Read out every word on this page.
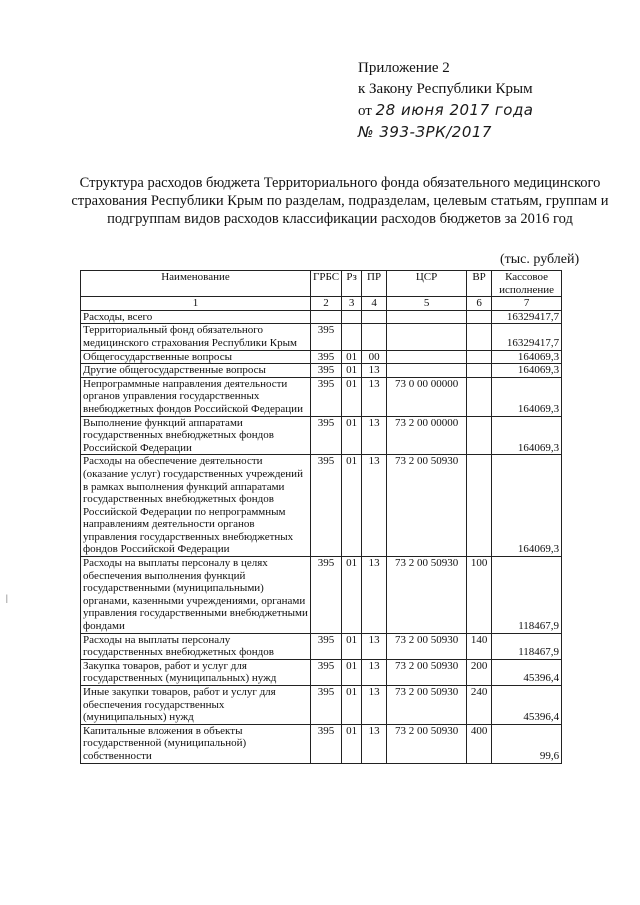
Приложение 2
к Закону Республики Крым
от 28 июня 2017 года
№ 393-ЗРК/2017
Структура расходов бюджета Территориального фонда обязательного медицинского страхования Республики Крым по разделам, подразделам, целевым статьям, группам и подгруппам видов расходов классификации расходов бюджетов за 2016 год
(тыс. рублей)
Наименование	ГРБС	Рз	ПР	ЦСР	ВР	Кассовое исполнение
1	2	3	4	5	6	7
Расходы, всего						16329417,7
Территориальный фонд обязательного медицинского страхования Республики Крым	395					16329417,7
Общегосударственные вопросы	395	01	00			164069,3
Другие общегосударственные вопросы	395	01	13			164069,3
Непрограммные направления деятельности органов управления государственных внебюджетных фондов Российской Федерации	395	01	13	73 0 00 00000		164069,3
Выполнение функций аппаратами государственных внебюджетных фондов Российской Федерации	395	01	13	73 2 00 00000		164069,3
Расходы на обеспечение деятельности (оказание услуг) государственных учреждений в рамках выполнения функций аппаратами государственных внебюджетных фондов Российской Федерации по непрограммным направлениям деятельности органов управления государственных внебюджетных фондов Российской Федерации	395	01	13	73 2 00 50930		164069,3
Расходы на выплаты персоналу в целях обеспечения выполнения функций государственными (муниципальными) органами, казенными учреждениями, органами управления государственными внебюджетными фондами	395	01	13	73 2 00 50930	100	118467,9
Расходы на выплаты персоналу государственных внебюджетных фондов	395	01	13	73 2 00 50930	140	118467,9
Закупка товаров, работ и услуг для государственных (муниципальных) нужд	395	01	13	73 2 00 50930	200	45396,4
Иные закупки товаров, работ и услуг для обеспечения государственных (муниципальных) нужд	395	01	13	73 2 00 50930	240	45396,4
Капитальные вложения в объекты государственной (муниципальной) собственности	395	01	13	73 2 00 50930	400	99,6
|
